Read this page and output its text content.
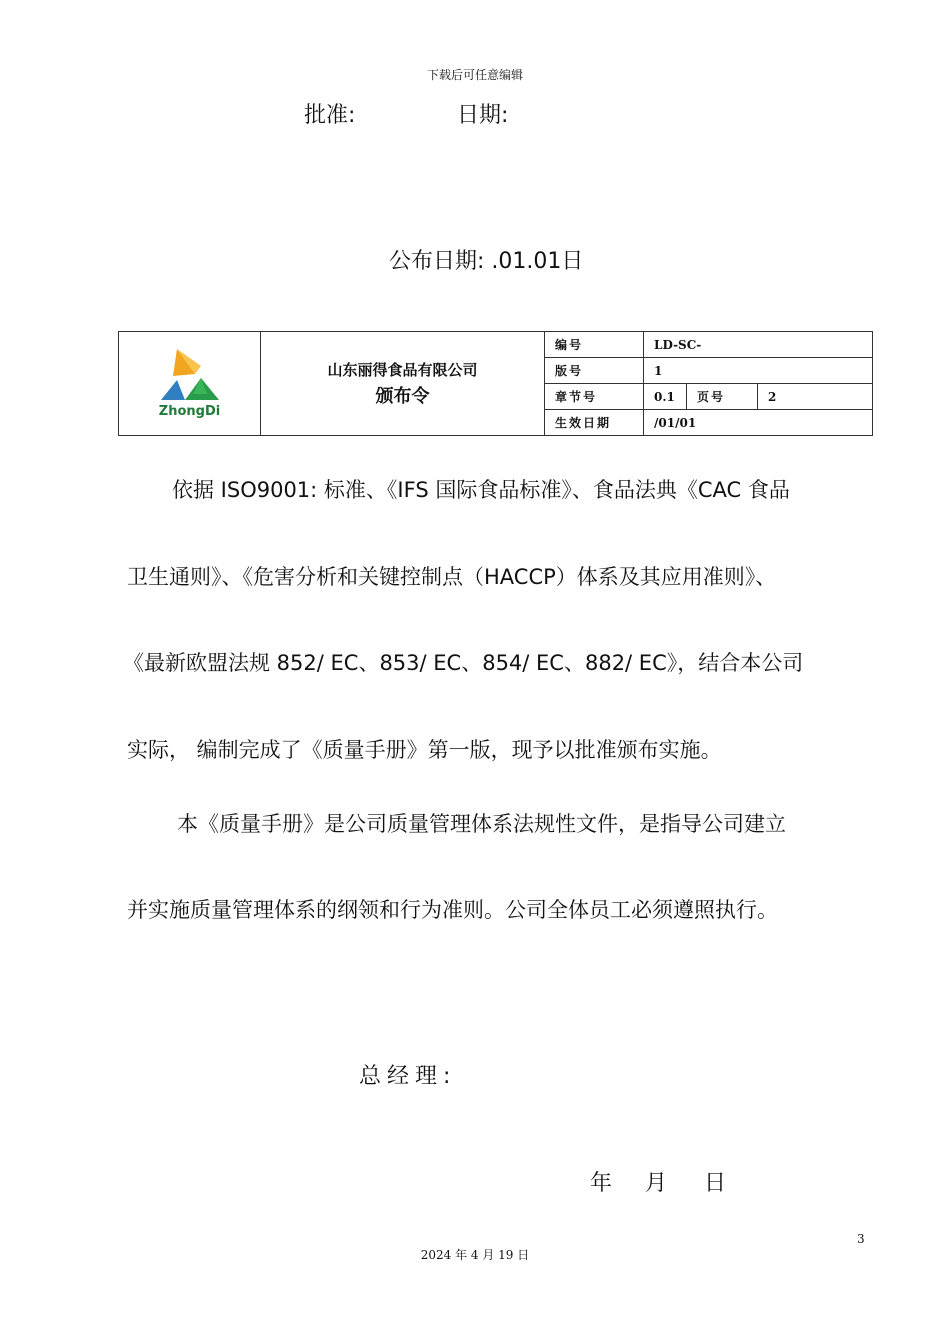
下载后可任意编辑
批准:	日期:
公布日期: .01.01日
ZhongDi	山东丽得食品有限公司
颁布令	编号	LD-SC-		
		版号	1		
		章节号	0.1	页号	2
		生效日期	/01/01		
依据 ISO9001: 标准、《IFS 国际食品标准》、食品法典《CAC 食品
卫生通则》、《危害分析和关键控制点（HACCP）体系及其应用准则》、
《最新欧盟法规 852/ EC、853/ EC、854/ EC、882/ EC》，结合本公司
实际， 编制完成了《质量手册》第一版，现予以批准颁布实施。
本《质量手册》是公司质量管理体系法规性文件，是指导公司建立
并实施质量管理体系的纲领和行为准则。公司全体员工必须遵照执行。
总经理:
年 月 日
3
2024 年 4 月 19 日
